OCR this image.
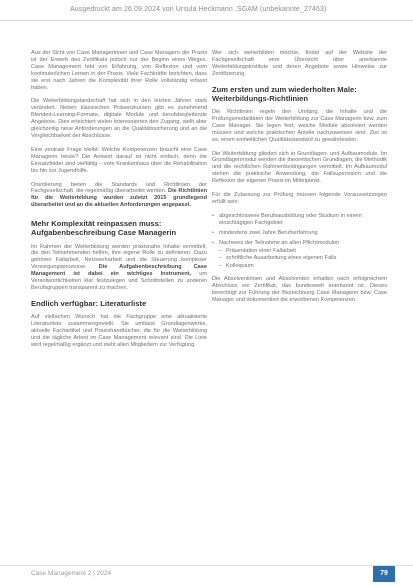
Ausgedruckt am 26.09.2024 von Ursula Heckmann ,SGAM (unbekannte_27463)

Aus der Sicht von Case Managerinnen und Case Managern der Praxis ist der Erwerb des Zertifikats jedoch nur der Beginn eines Weges. Case Management lebt von Erfahrung, von Reflexion und vom kontinuierlichen Lernen in der Praxis. Viele Fachkräfte berichten, dass sie erst nach Jahren die Komplexität ihrer Rolle vollständig erfasst haben.

Die Weiterbildungslandschaft hat sich in den letzten Jahren stark verändert. Neben klassischen Präsenzkursen gibt es zunehmend Blended-Learning-Formate, digitale Module und berufsbegleitende Angebote. Dies erleichtert vielen Interessierten den Zugang, stellt aber gleichzeitig neue Anforderungen an die Qualitätssicherung und an die Vergleichbarkeit der Abschlüsse.

Eine zentrale Frage bleibt: Welche Kompetenzen braucht eine Case Managerin heute? Die Antwort darauf ist nicht einfach, denn die Einsatzfelder sind vielfältig – vom Krankenhaus über die Rehabilitation bis hin zur Jugendhilfe.

Orientierung bieten die Standards und Richtlinien der Fachgesellschaft, die regelmäßig überarbeitet werden. Die Richtlinien für die Weiterbildung wurden zuletzt 2015 grundlegend überarbeitet und an die aktuellen Anforderungen angepasst.

Mehr Komplexität reinpassen muss: Aufgabenbeschreibung Case Managerin

Im Rahmen der Weiterbildung werden praxisnahe Inhalte vermittelt, die den Teilnehmenden helfen, ihre eigene Rolle zu definieren. Dazu gehören Fallarbeit, Netzwerkarbeit und die Steuerung komplexer Versorgungsprozesse. Die Aufgabenbeschreibung Case Management ist dabei ein wichtiges Instrument, um Verantwortlichkeiten klar festzulegen und Schnittstellen zu anderen Berufsgruppen transparent zu machen.

Endlich verfügbar: Literaturliste

Auf vielfachen Wunsch hat die Fachgruppe eine aktualisierte Literaturliste zusammengestellt. Sie umfasst Grundlagenwerke, aktuelle Fachartikel und Praxishandbücher, die für die Weiterbildung und die tägliche Arbeit im Case Management relevant sind. Die Liste wird regelmäßig ergänzt und steht allen Mitgliedern zur Verfügung.

Wer sich weiterbilden möchte, findet auf der Website der Fachgesellschaft eine Übersicht über anerkannte Weiterbildungsinstitute und deren Angebote sowie Hinweise zur Zertifizierung.

Zum ersten und zum wiederholten Male: Weiterbildungs-Richtlinien

Die Richtlinien regeln den Umfang, die Inhalte und die Prüfungsmodalitäten der Weiterbildung zur Case Managerin bzw. zum Case Manager. Sie legen fest, welche Module absolviert werden müssen und welche praktischen Anteile nachzuweisen sind. Ziel ist es, einen einheitlichen Qualitätsstandard zu gewährleisten.

Die Weiterbildung gliedert sich in Grundlagen- und Aufbaumodule. Im Grundlagenmodul werden die theoretischen Grundlagen, die Methodik und die rechtlichen Rahmenbedingungen vermittelt. Im Aufbaumodul stehen die praktische Anwendung, die Fallsupervision und die Reflexion der eigenen Praxis im Mittelpunkt.

Für die Zulassung zur Prüfung müssen folgende Voraussetzungen erfüllt sein:

• abgeschlossene Berufsausbildung oder Studium in einem einschlägigen Fachgebiet
• mindestens zwei Jahre Berufserfahrung
• Nachweis der Teilnahme an allen Pflichtmodulen
– Präsentation einer Fallarbeit
– schriftliche Ausarbeitung eines eigenen Falls
– Kolloquium

Die Absolventinnen und Absolventen erhalten nach erfolgreichem Abschluss ein Zertifikat, das bundesweit anerkannt ist. Dieses berechtigt zur Führung der Bezeichnung Case Managerin bzw. Case Manager und dokumentiert die erworbenen Kompetenzen.

Case Management 2 | 2024	79
